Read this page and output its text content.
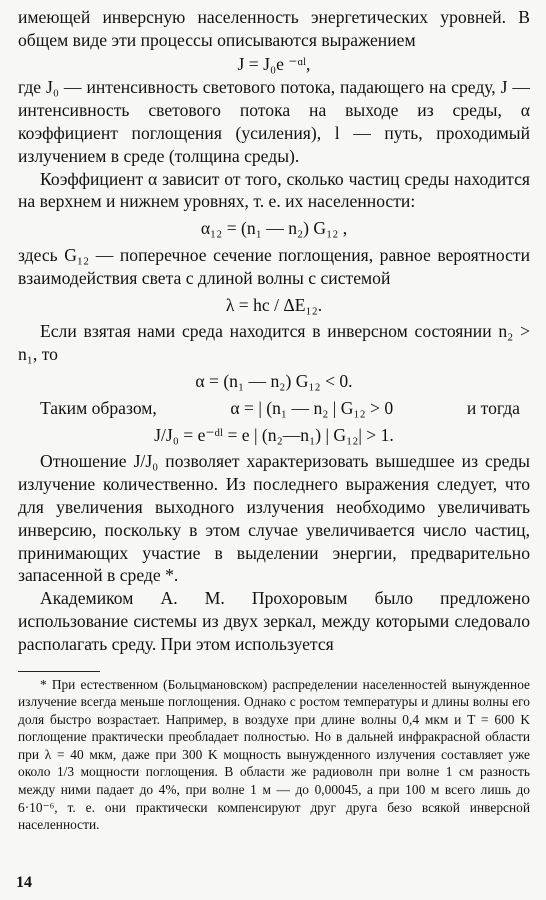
имеющей инверсную населенность энергетических уровней. В общем виде эти процессы описываются выражением

J = J₀e ⁻ᵅˡ,

где J₀ — интенсивность светового потока, падающего на среду, J — интенсивность светового потока на выходе из среды, α коэффициент поглощения (усиления), l — путь, проходимый излучением в среде (толщина среды).

Коэффициент α зависит от того, сколько частиц среды находится на верхнем и нижнем уровнях, т. е. их населенности:

α₁₂ = (n₁ — n₂) G₁₂ ,

здесь G₁₂ — поперечное сечение поглощения, равное вероятности взаимодействия света с длиной волны с системой

λ = hc / ΔE₁₂.

Если взятая нами среда находится в инверсном состоянии n₂ > n₁, то

α = (n₁ — n₂) G₁₂ < 0.

Таким образом,	α = | (n₁ — n₂ | G₁₂ > 0	и тогда

J/J₀ = e⁻ᵈˡ = e | (n₂—n₁) | G₁₂| > 1.

Отношение J/J₀ позволяет характеризовать вышедшее из среды излучение количественно. Из последнего выражения следует, что для увеличения выходного излучения необходимо увеличивать инверсию, поскольку в этом случае увеличивается число частиц, принимающих участие в выделении энергии, предварительно запасенной в среде *.

Академиком А. М. Прохоровым было предложено использование системы из двух зеркал, между которыми следовало располагать среду. При этом используется

* При естественном (Больцмановском) распределении населенностей вынужденное излучение всегда меньше поглощения. Однако с ростом температуры и длины волны его доля быстро возрастает. Например, в воздухе при длине волны 0,4 мкм и T = 600 K поглощение практически преобладает полностью. Но в дальней инфракрасной области при λ = 40 мкм, даже при 300 K мощность вынужденного излучения составляет уже около 1/3 мощности поглощения. В области же радиоволн при волне 1 см разность между ними падает до 4%, при волне 1 м — до 0,00045, а при 100 м всего лишь до 6·10⁻⁶, т. е. они практически компенсируют друг друга безо всякой инверсной населенности.

14
